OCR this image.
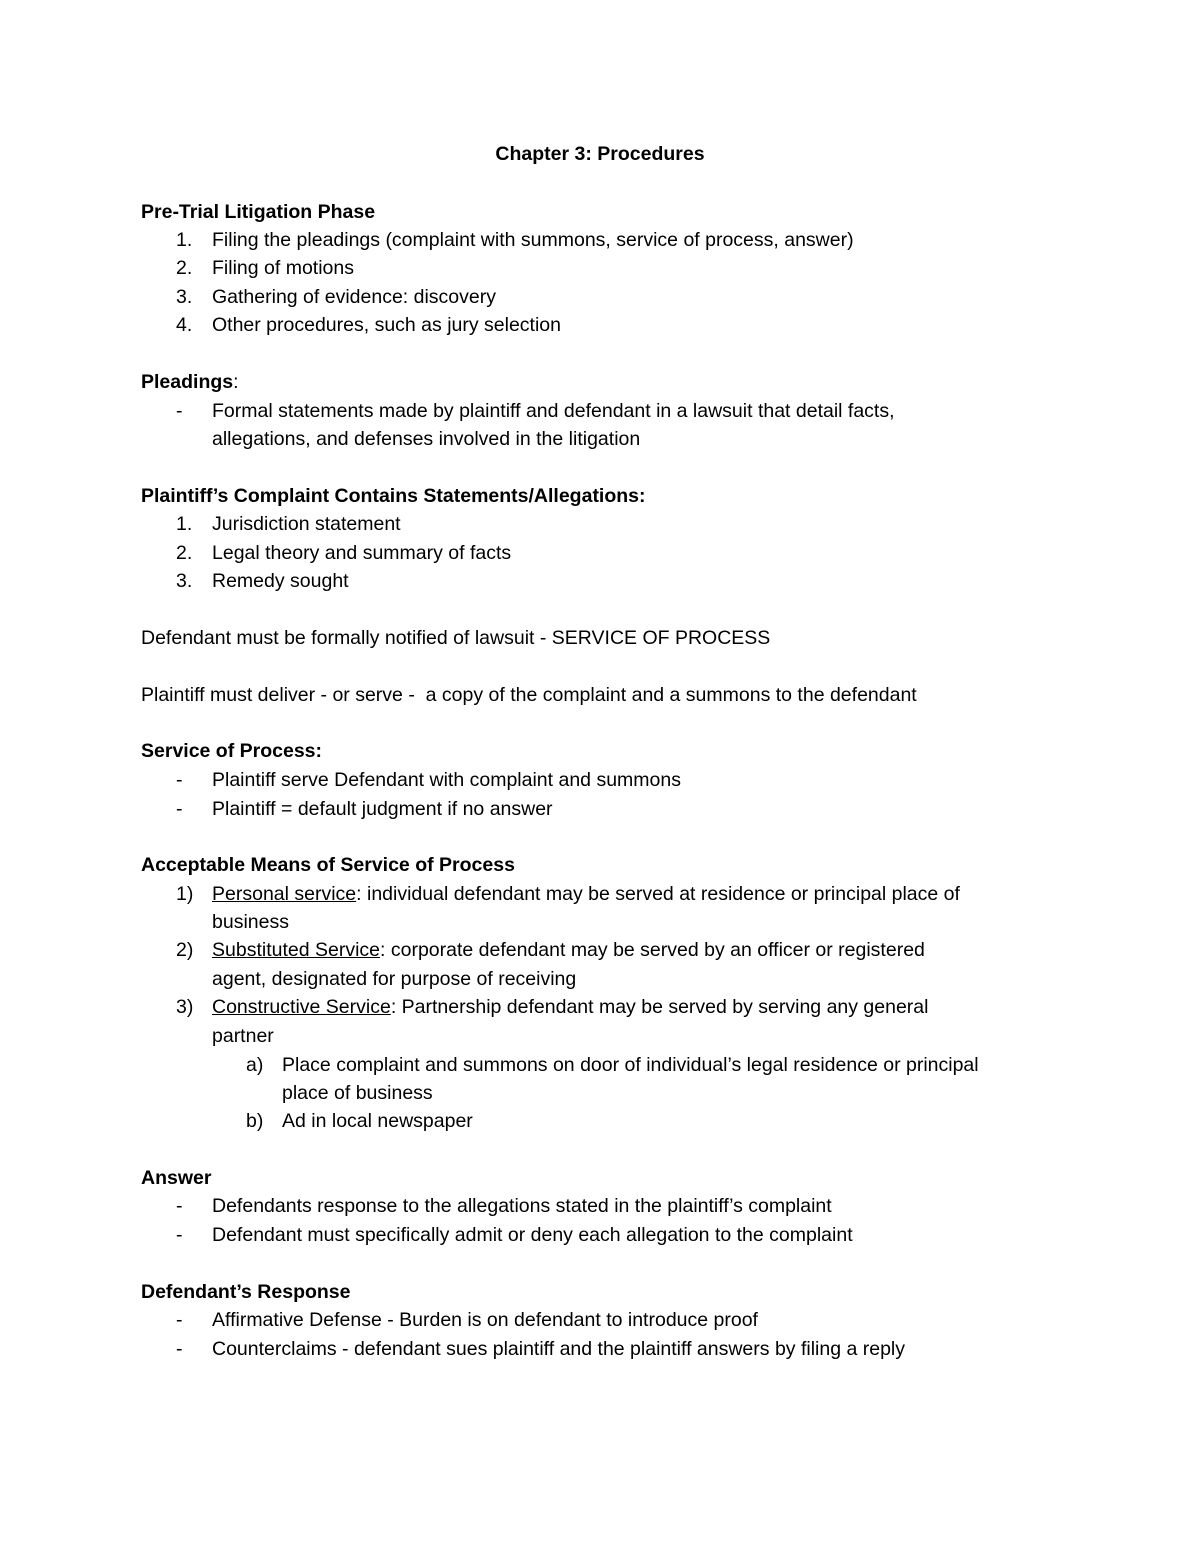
Chapter 3: Procedures
Pre-Trial Litigation Phase
1. Filing the pleadings (complaint with summons, service of process, answer)
2. Filing of motions
3. Gathering of evidence: discovery
4. Other procedures, such as jury selection
Pleadings:
- Formal statements made by plaintiff and defendant in a lawsuit that detail facts,
allegations, and defenses involved in the litigation
Plaintiff’s Complaint Contains Statements/Allegations:
1. Jurisdiction statement
2. Legal theory and summary of facts
3. Remedy sought
Defendant must be formally notified of lawsuit - SERVICE OF PROCESS
Plaintiff must deliver - or serve -  a copy of the complaint and a summons to the defendant
Service of Process:
- Plaintiff serve Defendant with complaint and summons
- Plaintiff = default judgment if no answer
Acceptable Means of Service of Process
1) Personal service: individual defendant may be served at residence or principal place of
business
2) Substituted Service: corporate defendant may be served by an officer or registered
agent, designated for purpose of receiving
3) Constructive Service: Partnership defendant may be served by serving any general
partner
a) Place complaint and summons on door of individual’s legal residence or principal
place of business
b) Ad in local newspaper
Answer
- Defendants response to the allegations stated in the plaintiff’s complaint
- Defendant must specifically admit or deny each allegation to the complaint
Defendant’s Response
- Affirmative Defense - Burden is on defendant to introduce proof
- Counterclaims - defendant sues plaintiff and the plaintiff answers by filing a reply
